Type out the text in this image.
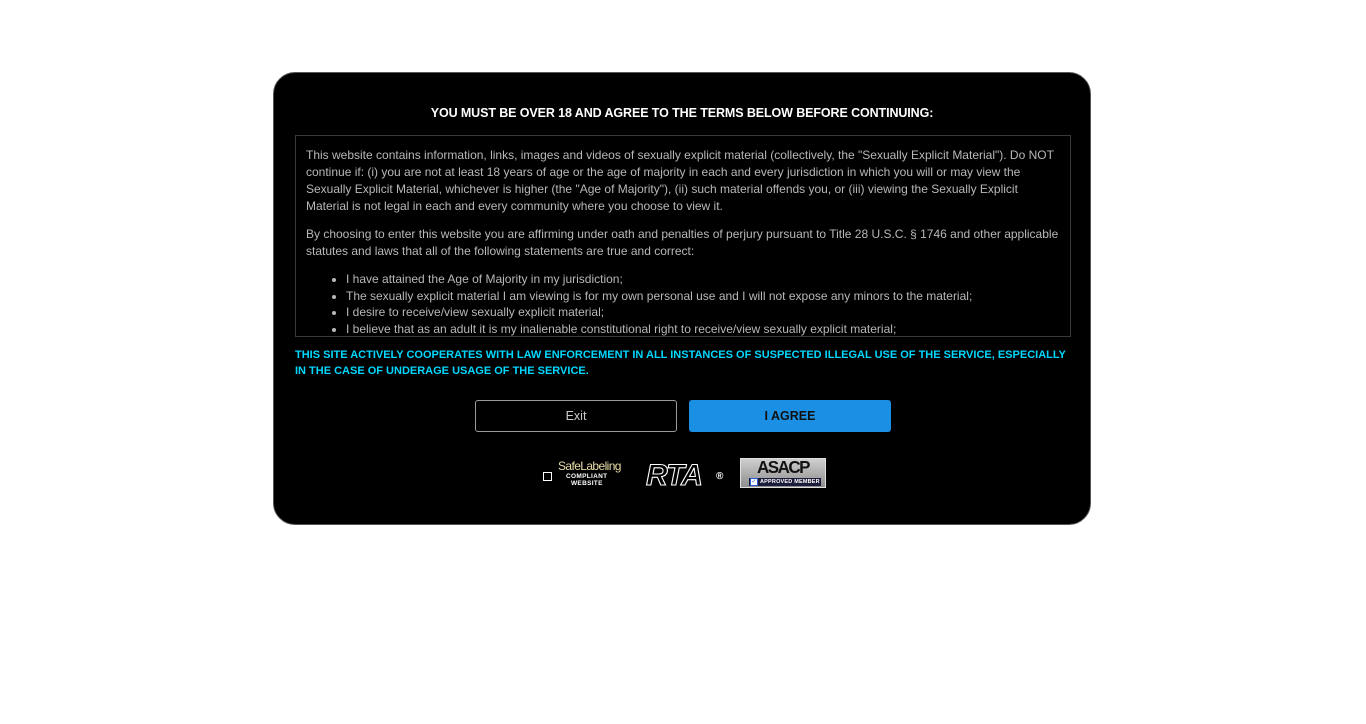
YOU MUST BE OVER 18 AND AGREE TO THE TERMS BELOW BEFORE CONTINUING:

This website contains information, links, images and videos of sexually explicit material (collectively, the "Sexually Explicit Material"). Do NOT continue if: (i) you are not at least 18 years of age or the age of majority in each and every jurisdiction in which you will or may view the Sexually Explicit Material, whichever is higher (the "Age of Majority"), (ii) such material offends you, or (iii) viewing the Sexually Explicit Material is not legal in each and every community where you choose to view it.

By choosing to enter this website you are affirming under oath and penalties of perjury pursuant to Title 28 U.S.C. § 1746 and other applicable statutes and laws that all of the following statements are true and correct:

• I have attained the Age of Majority in my jurisdiction;
• The sexually explicit material I am viewing is for my own personal use and I will not expose any minors to the material;
• I desire to receive/view sexually explicit material;
• I believe that as an adult it is my inalienable constitutional right to receive/view sexually explicit material;
THIS SITE ACTIVELY COOPERATES WITH LAW ENFORCEMENT IN ALL INSTANCES OF SUSPECTED ILLEGAL USE OF THE SERVICE, ESPECIALLY IN THE CASE OF UNDERAGE USAGE OF THE SERVICE.
Exit	I AGREE
SafeLabeling
COMPLIANT
WEBSITE RTA ®	ASACP
✓ APPROVED MEMBER
